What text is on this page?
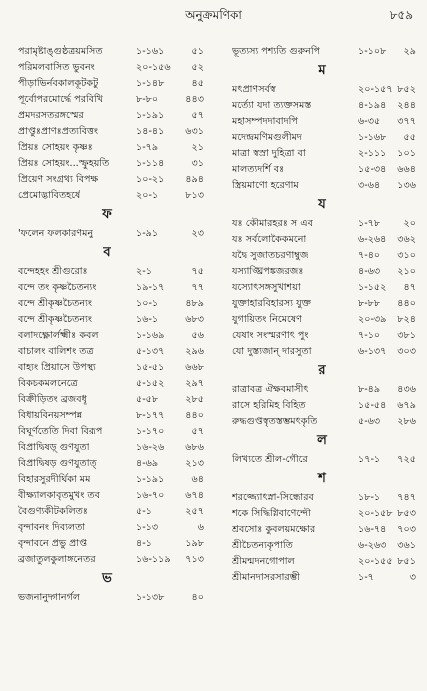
অনুক্রমণিকা	৮৫৯
পরামৃষ্টাঙ্গুষ্ঠত্রয়মসিত	১-১৬১	৫১
পরিমলবাসিত ভুবনং	২০-১৫৬ ৫২
পীড়াভির্নবকালকূটকটু	১-১৪৮	৪৫
পূর্বোপরমোর্দ্ধে পরবিখি	৮-৮০	৪৪৩
প্রমদরসতরঙ্গস্মের	১-১৯১	৫৭
প্রাপ্তুঃপ্রাণঃপ্রত্যবিত্তং	১৪-৪১ ৬৩১
প্রিয়ঃ সোহয়ং কৃষ্ণঃ	১-৭৯	২১
প্রিয়ঃ সোহয়ং...স্ফুহয়তি	১-১১৪	৩১
প্রিয়েণ সংগ্রথ্য বিপক্ষ	১০-২১ ৪৯৪
প্রেমোদ্ভাবিতহর্ষে	২০-১	৮১৩
ফ
'ফলেন ফলকারণমনু	১-৯১	২৩
ব
বন্দেহহং শ্রীগুরোঃ	২-১	৭৫
বন্দে তং কৃষ্ণচৈতন্যং	১৯-১৭	৭৭
বন্দে শ্রীকৃষ্ণচৈতন্যং	১০-১	৪৮৯
বন্দে শ্রীকৃষ্ণচৈতন্যং	১৬-১	৬৮৩
বলাদক্ষ্ণোর্লক্ষ্মীঃ কবল	১-১৬৯	৫৬
বাচালং বালিশং তত্র	৫-১৩৭ ২৯৬
বাহ্যং প্রিয়াসে উপস্থ্য	১৫-৫১ ৬৬৮
বিকচকমলনেত্রে	৫-১৫২ ২৯৭
বিক্রীড়িতং ব্রজবধূ	৫-৫৮	২৮৫
বিধায়বিনয়সম্পন্ন	৮-১৭৭ ৪৪০
বিঘূর্ণতেতি দিবা বিরূপ	১-১৭০	৫৭
বিপ্রাদ্বিষড়্ গুণযুতা	১৬-২৬ ৬৮৬
বিপ্রাদ্বিষড় গুণযুতাত্	৪-৬৯	২১৩
বিহারসুরদীর্ঘিকা মম	১-১৯১	৬৪
বীক্ষ্যালকাবৃতমুখং তব	১৬-৭০ ৬৭৪
বৈগুণ্যকীটকলিতঃ	৫-১	২৫৭
বৃন্দাবনং দিব্যলতা	১-১৩	৬
বৃন্দাবনে প্রভু প্রাপ্ত	৪-১	১৯৮
ব্রজাতুলকুলাঙ্গনেতর	১৬-১১৯ ৭১৩
ভ
ভজনানুদ্গানর্গল	১-১৩৮	৪০
ভূত্যস্য পশ্যতি গুরুনপি	১-১০৮ ২৯
ম
মৎপ্রাণসর্বস্ব	২০-১৫৭ ৮৫২
মর্ত্যো যদা ত্যক্তসমস্ত	৪-১৯৪ ২৪৪
মহাসম্পদদাবাদপি	৬-৩৫ ৩৭৭
মদেন্দ্রমণিমগুলীমদ	১-১৬৮ ৫৫
মাত্রা স্বস্রা দুহিত্রা বা	২-১১১ ১০১
মালত্যদর্শি বঃ	১৫-৩৪ ৬৬৪
স্ত্রিয়মাণো হরেণাম	৩-৬৪ ১৩৬
য
যঃ কৌমারহরঃ স এব	১-৭৮ ২০
যঃ সর্বলোকৈকমনো	৬-২৬৪ ৩৬২
যদ্বৈ সুজাতচরণাম্বুজ	৭-৪০ ৩১০
যস্যাঙ্ঘ্রিপঙ্কজরজঃ	৪-৬৩ ২১০
যস্যোৎসঙ্গসুখাশয়া	১-১৫২ ৪৭
যুক্তাহারবিহারস্য যুক্ত	৮-৮৮ ৪৪০
যুগায়িতং নিমেষেণ	২০-৩৯ ৮২৪
যেষাং সংস্মরণাৎ পুং	৭-১০ ৩৮১
যো দুস্ত্যজান্ দারসুতা	৬-১৩৭ ৩০৩
র
রাত্রাবত্র ঐক্ষবমাসীৎ	৮-৪৯ ৪৩৬
রাসে হরিমিহ বিহিত	১৫-৫৪ ৬৭৯
রুদ্ধগুপ্তস্বৃতস্তম্ভমৎকৃতি	৫-৬৩ ২৮৬
ল
লিখ্যতে শ্রীল-গৌরে	১৭-১ ৭২৫
শ
শরজ্জ্যোৎস্না-সিন্ধোরব	১৮-১ ৭৪৭
শকে সিদ্ধিগ্নিবাণেন্দৌ	২০-১৫৮ ৮৫৩
শ্রবসোঃ কুবলয়মক্ষোর	১৬-৭৪ ৭০৩
শ্রীচৈতন্যকৃপাতি	৬-২৬৩ ৩৬১
শ্রীমন্মদনগোপাল	২০-১৫৫ ৮৫১
শ্রীমানদাসরসারম্ভী	১-৭	৩
